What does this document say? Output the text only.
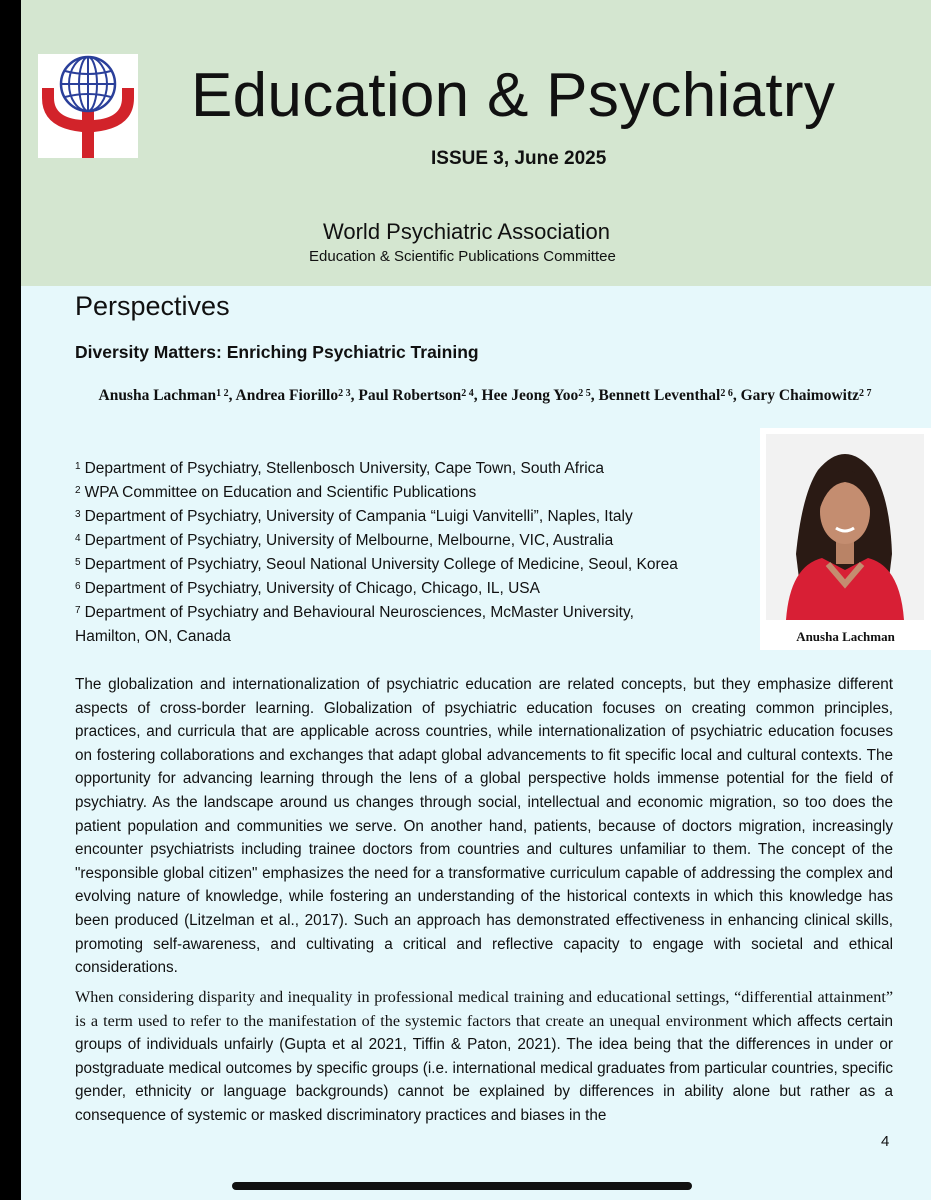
Education & Psychiatry
ISSUE 3, June 2025
World Psychiatric Association
Education & Scientific Publications Committee
Perspectives
Diversity Matters: Enriching Psychiatric Training
Anusha Lachman$^{1 2}$, Andrea Fiorillo$^{2 3}$, Paul Robertson$^{2 4}$, Hee Jeong Yoo$^{2 5}$, Bennett Leventhal$^{2 6}$, Gary Chaimowitz$^{2 7}$
$^1$ Department of Psychiatry, Stellenbosch University, Cape Town, South Africa
$^2$ WPA Committee on Education and Scientific Publications
$^3$ Department of Psychiatry, University of Campania “Luigi Vanvitelli”, Naples, Italy
$^4$ Department of Psychiatry, University of Melbourne, Melbourne, VIC, Australia
$^5$ Department of Psychiatry, Seoul National University College of Medicine, Seoul, Korea
$^6$ Department of Psychiatry, University of Chicago, Chicago, IL, USA
$^7$ Department of Psychiatry and Behavioural Neurosciences, McMaster University,
Hamilton, ON, Canada	Anusha Lachman
The globalization and internationalization of psychiatric education are related concepts, but they emphasize different aspects of cross-border learning. Globalization of psychiatric education focuses on creating common principles, practices, and curricula that are applicable across countries, while internationalization of psychiatric education focuses on fostering collaborations and exchanges that adapt global advancements to fit specific local and cultural contexts. The opportunity for advancing learning through the lens of a global perspective holds immense potential for the field of psychiatry. As the landscape around us changes through social, intellectual and economic migration, so too does the patient population and communities we serve. On another hand, patients, because of doctors migration, increasingly encounter psychiatrists including trainee doctors from countries and cultures unfamiliar to them. The concept of the "responsible global citizen" emphasizes the need for a transformative curriculum capable of addressing the complex and evolving nature of knowledge, while fostering an understanding of the historical contexts in which this knowledge has been produced (Litzelman et al., 2017). Such an approach has demonstrated effectiveness in enhancing clinical skills, promoting self-awareness, and cultivating a critical and reflective capacity to engage with societal and ethical considerations.
When considering disparity and inequality in professional medical training and educational settings, “differential attainment” is a term used to refer to the manifestation of the systemic factors that create an unequal environment which affects certain groups of individuals unfairly (Gupta et al 2021, Tiffin & Paton, 2021). The idea being that the differences in under or postgraduate medical outcomes by specific groups (i.e. international medical graduates from particular countries, specific gender, ethnicity or language backgrounds) cannot be explained by differences in ability alone but rather as a consequence of systemic or masked discriminatory practices and biases in the
4
